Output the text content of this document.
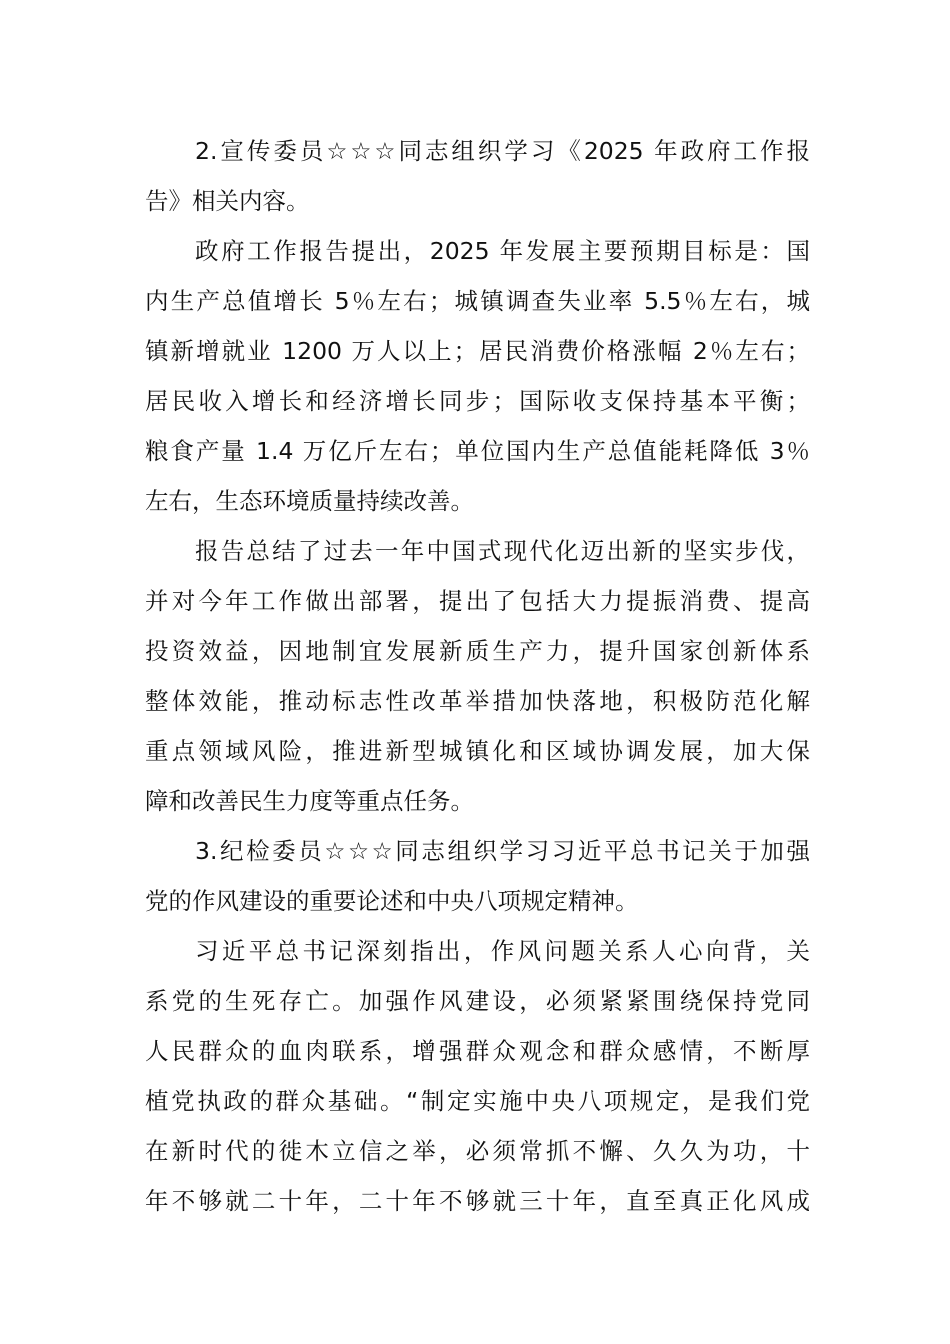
2.宣传委员☆☆☆同志组织学习《2025 年政府工作报
告》相关内容。
政府工作报告提出，2025 年发展主要预期目标是：国
内生产总值增长 5％左右；城镇调查失业率 5.5％左右，城
镇新增就业 1200 万人以上；居民消费价格涨幅 2％左右；
居民收入增长和经济增长同步；国际收支保持基本平衡；
粮食产量 1.4 万亿斤左右；单位国内生产总值能耗降低 3％
左右，生态环境质量持续改善。
报告总结了过去一年中国式现代化迈出新的坚实步伐，
并对今年工作做出部署，提出了包括大力提振消费、提高
投资效益，因地制宜发展新质生产力，提升国家创新体系
整体效能，推动标志性改革举措加快落地，积极防范化解
重点领域风险，推进新型城镇化和区域协调发展，加大保
障和改善民生力度等重点任务。
3.纪检委员☆☆☆同志组织学习习近平总书记关于加强
党的作风建设的重要论述和中央八项规定精神。
习近平总书记深刻指出，作风问题关系人心向背，关
系党的生死存亡。加强作风建设，必须紧紧围绕保持党同
人民群众的血肉联系，增强群众观念和群众感情，不断厚
植党执政的群众基础。“制定实施中央八项规定，是我们党
在新时代的徙木立信之举，必须常抓不懈、久久为功，十
年不够就二十年，二十年不够就三十年，直至真正化风成
